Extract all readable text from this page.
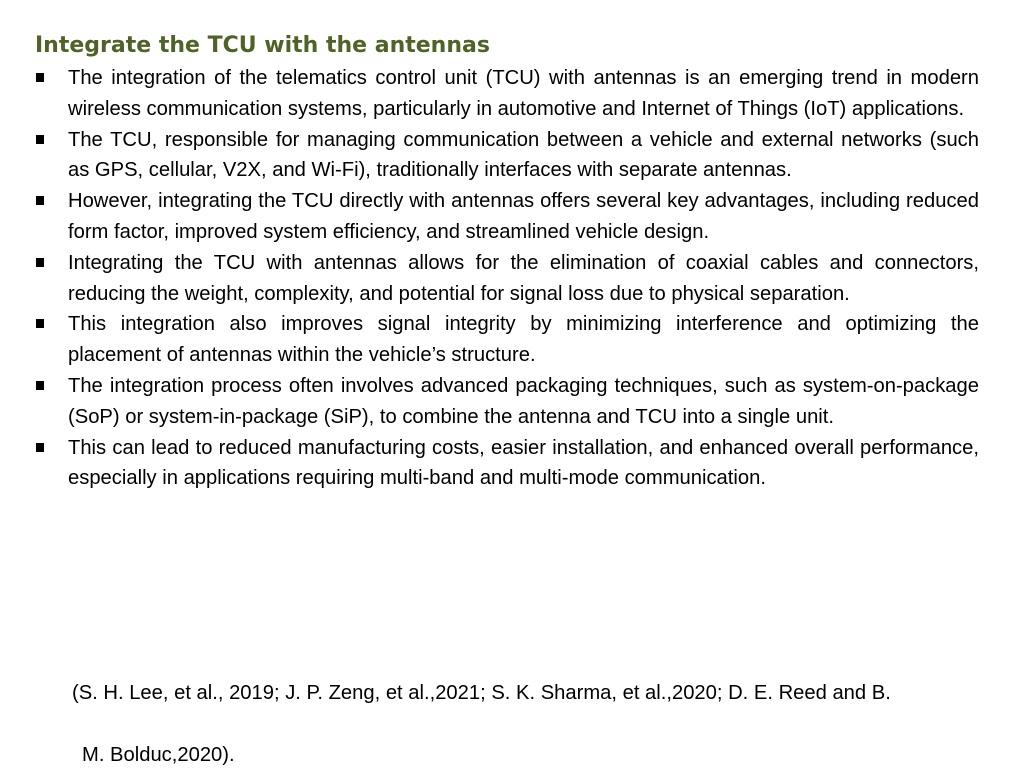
Integrate the TCU with the antennas
The integration of the telematics control unit (TCU) with antennas is an emerging trend in modern wireless communication systems, particularly in automotive and Internet of Things (IoT) applications.
The TCU, responsible for managing communication between a vehicle and external networks (such as GPS, cellular, V2X, and Wi-Fi), traditionally interfaces with separate antennas.
However, integrating the TCU directly with antennas offers several key advantages, including reduced form factor, improved system efficiency, and streamlined vehicle design.
Integrating the TCU with antennas allows for the elimination of coaxial cables and connectors, reducing the weight, complexity, and potential for signal loss due to physical separation.
This integration also improves signal integrity by minimizing interference and optimizing the placement of antennas within the vehicle’s structure.
The integration process often involves advanced packaging techniques, such as system-on-package (SoP) or system-in-package (SiP), to combine the antenna and TCU into a single unit.
This can lead to reduced manufacturing costs, easier installation, and enhanced overall performance, especially in applications requiring multi-band and multi-mode communication.

(S. H. Lee, et al., 2019; J. P. Zeng, et al.,2021; S. K. Sharma, et al.,2020; D. E. Reed and B.

M. Bolduc,2020).
